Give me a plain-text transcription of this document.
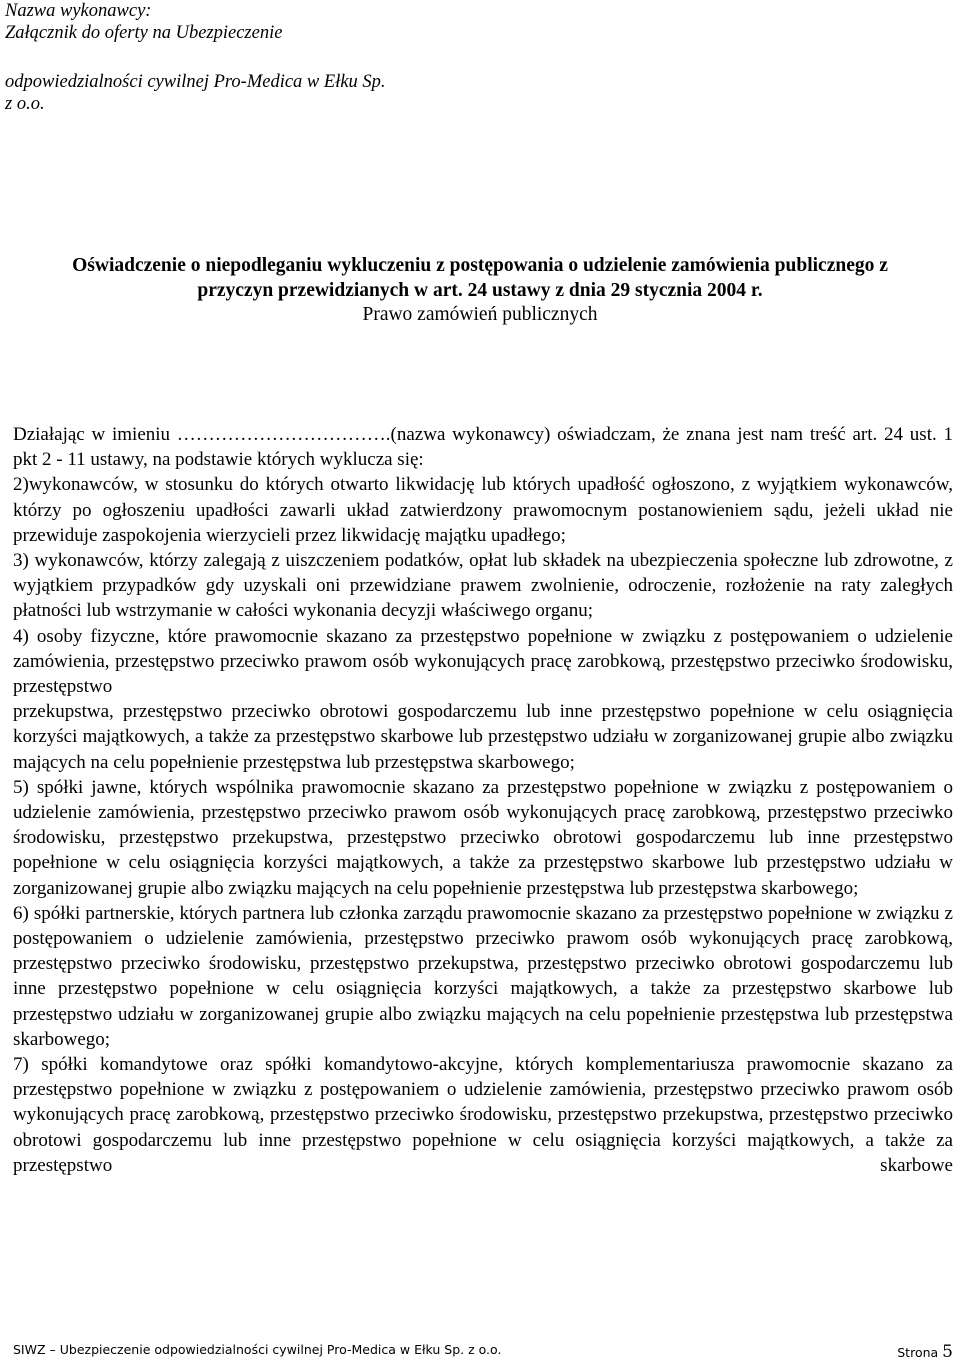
Nazwa wykonawcy:
Załącznik do oferty na Ubezpieczenie
odpowiedzialności cywilnej Pro-Medica w Ełku Sp.
z o.o.
Oświadczenie o niepodleganiu wykluczeniu z postępowania o udzielenie zamówienia publicznego z
przyczyn przewidzianych w art. 24 ustawy z dnia 29 stycznia 2004 r.
Prawo zamówień publicznych

Działając w imieniu …………………………….(nazwa wykonawcy) oświadczam, że znana jest nam treść art. 24 ust. 1 pkt 2 - 11 ustawy, na podstawie których wyklucza się:

2)wykonawców, w stosunku do których otwarto likwidację lub których upadłość ogłoszono, z wyjątkiem wykonawców, którzy po ogłoszeniu upadłości zawarli układ zatwierdzony prawomocnym postanowieniem sądu, jeżeli układ nie przewiduje zaspokojenia wierzycieli przez likwidację majątku upadłego;

3) wykonawców, którzy zalegają z uiszczeniem podatków, opłat lub składek na ubezpieczenia społeczne lub zdrowotne, z wyjątkiem przypadków gdy uzyskali oni przewidziane prawem zwolnienie, odroczenie, rozłożenie na raty zaległych płatności lub wstrzymanie w całości wykonania decyzji właściwego organu;

4) osoby fizyczne, które prawomocnie skazano za przestępstwo popełnione w związku z postępowaniem o udzielenie zamówienia, przestępstwo przeciwko prawom osób wykonujących pracę zarobkową, przestępstwo przeciwko środowisku, przestępstwo

przekupstwa, przestępstwo przeciwko obrotowi gospodarczemu lub inne przestępstwo popełnione w celu osiągnięcia korzyści majątkowych, a także za przestępstwo skarbowe lub przestępstwo udziału w zorganizowanej grupie albo związku mających na celu popełnienie przestępstwa lub przestępstwa skarbowego;

5) spółki jawne, których wspólnika prawomocnie skazano za przestępstwo popełnione w związku z postępowaniem o udzielenie zamówienia, przestępstwo przeciwko prawom osób wykonujących pracę zarobkową, przestępstwo przeciwko środowisku, przestępstwo przekupstwa, przestępstwo przeciwko obrotowi gospodarczemu lub inne przestępstwo popełnione w celu osiągnięcia korzyści majątkowych, a także za przestępstwo skarbowe lub przestępstwo udziału w zorganizowanej grupie albo związku mających na celu popełnienie przestępstwa lub przestępstwa skarbowego;

6) spółki partnerskie, których partnera lub członka zarządu prawomocnie skazano za przestępstwo popełnione w związku z postępowaniem o udzielenie zamówienia, przestępstwo przeciwko prawom osób wykonujących pracę zarobkową, przestępstwo przeciwko środowisku, przestępstwo przekupstwa, przestępstwo przeciwko obrotowi gospodarczemu lub inne przestępstwo popełnione w celu osiągnięcia korzyści majątkowych, a także za przestępstwo skarbowe lub przestępstwo udziału w zorganizowanej grupie albo związku mających na celu popełnienie przestępstwa lub przestępstwa skarbowego;

7) spółki komandytowe oraz spółki komandytowo-akcyjne, których komplementariusza prawomocnie skazano za przestępstwo popełnione w związku z postępowaniem o udzielenie zamówienia, przestępstwo przeciwko prawom osób wykonujących pracę zarobkową, przestępstwo przeciwko środowisku, przestępstwo przekupstwa, przestępstwo przeciwko obrotowi gospodarczemu lub inne przestępstwo popełnione w celu osiągnięcia korzyści majątkowych, a także za przestępstwo skarbowe

SIWZ – Ubezpieczenie odpowiedzialności cywilnej Pro-Medica w Ełku Sp. z o.o.	Strona 5
